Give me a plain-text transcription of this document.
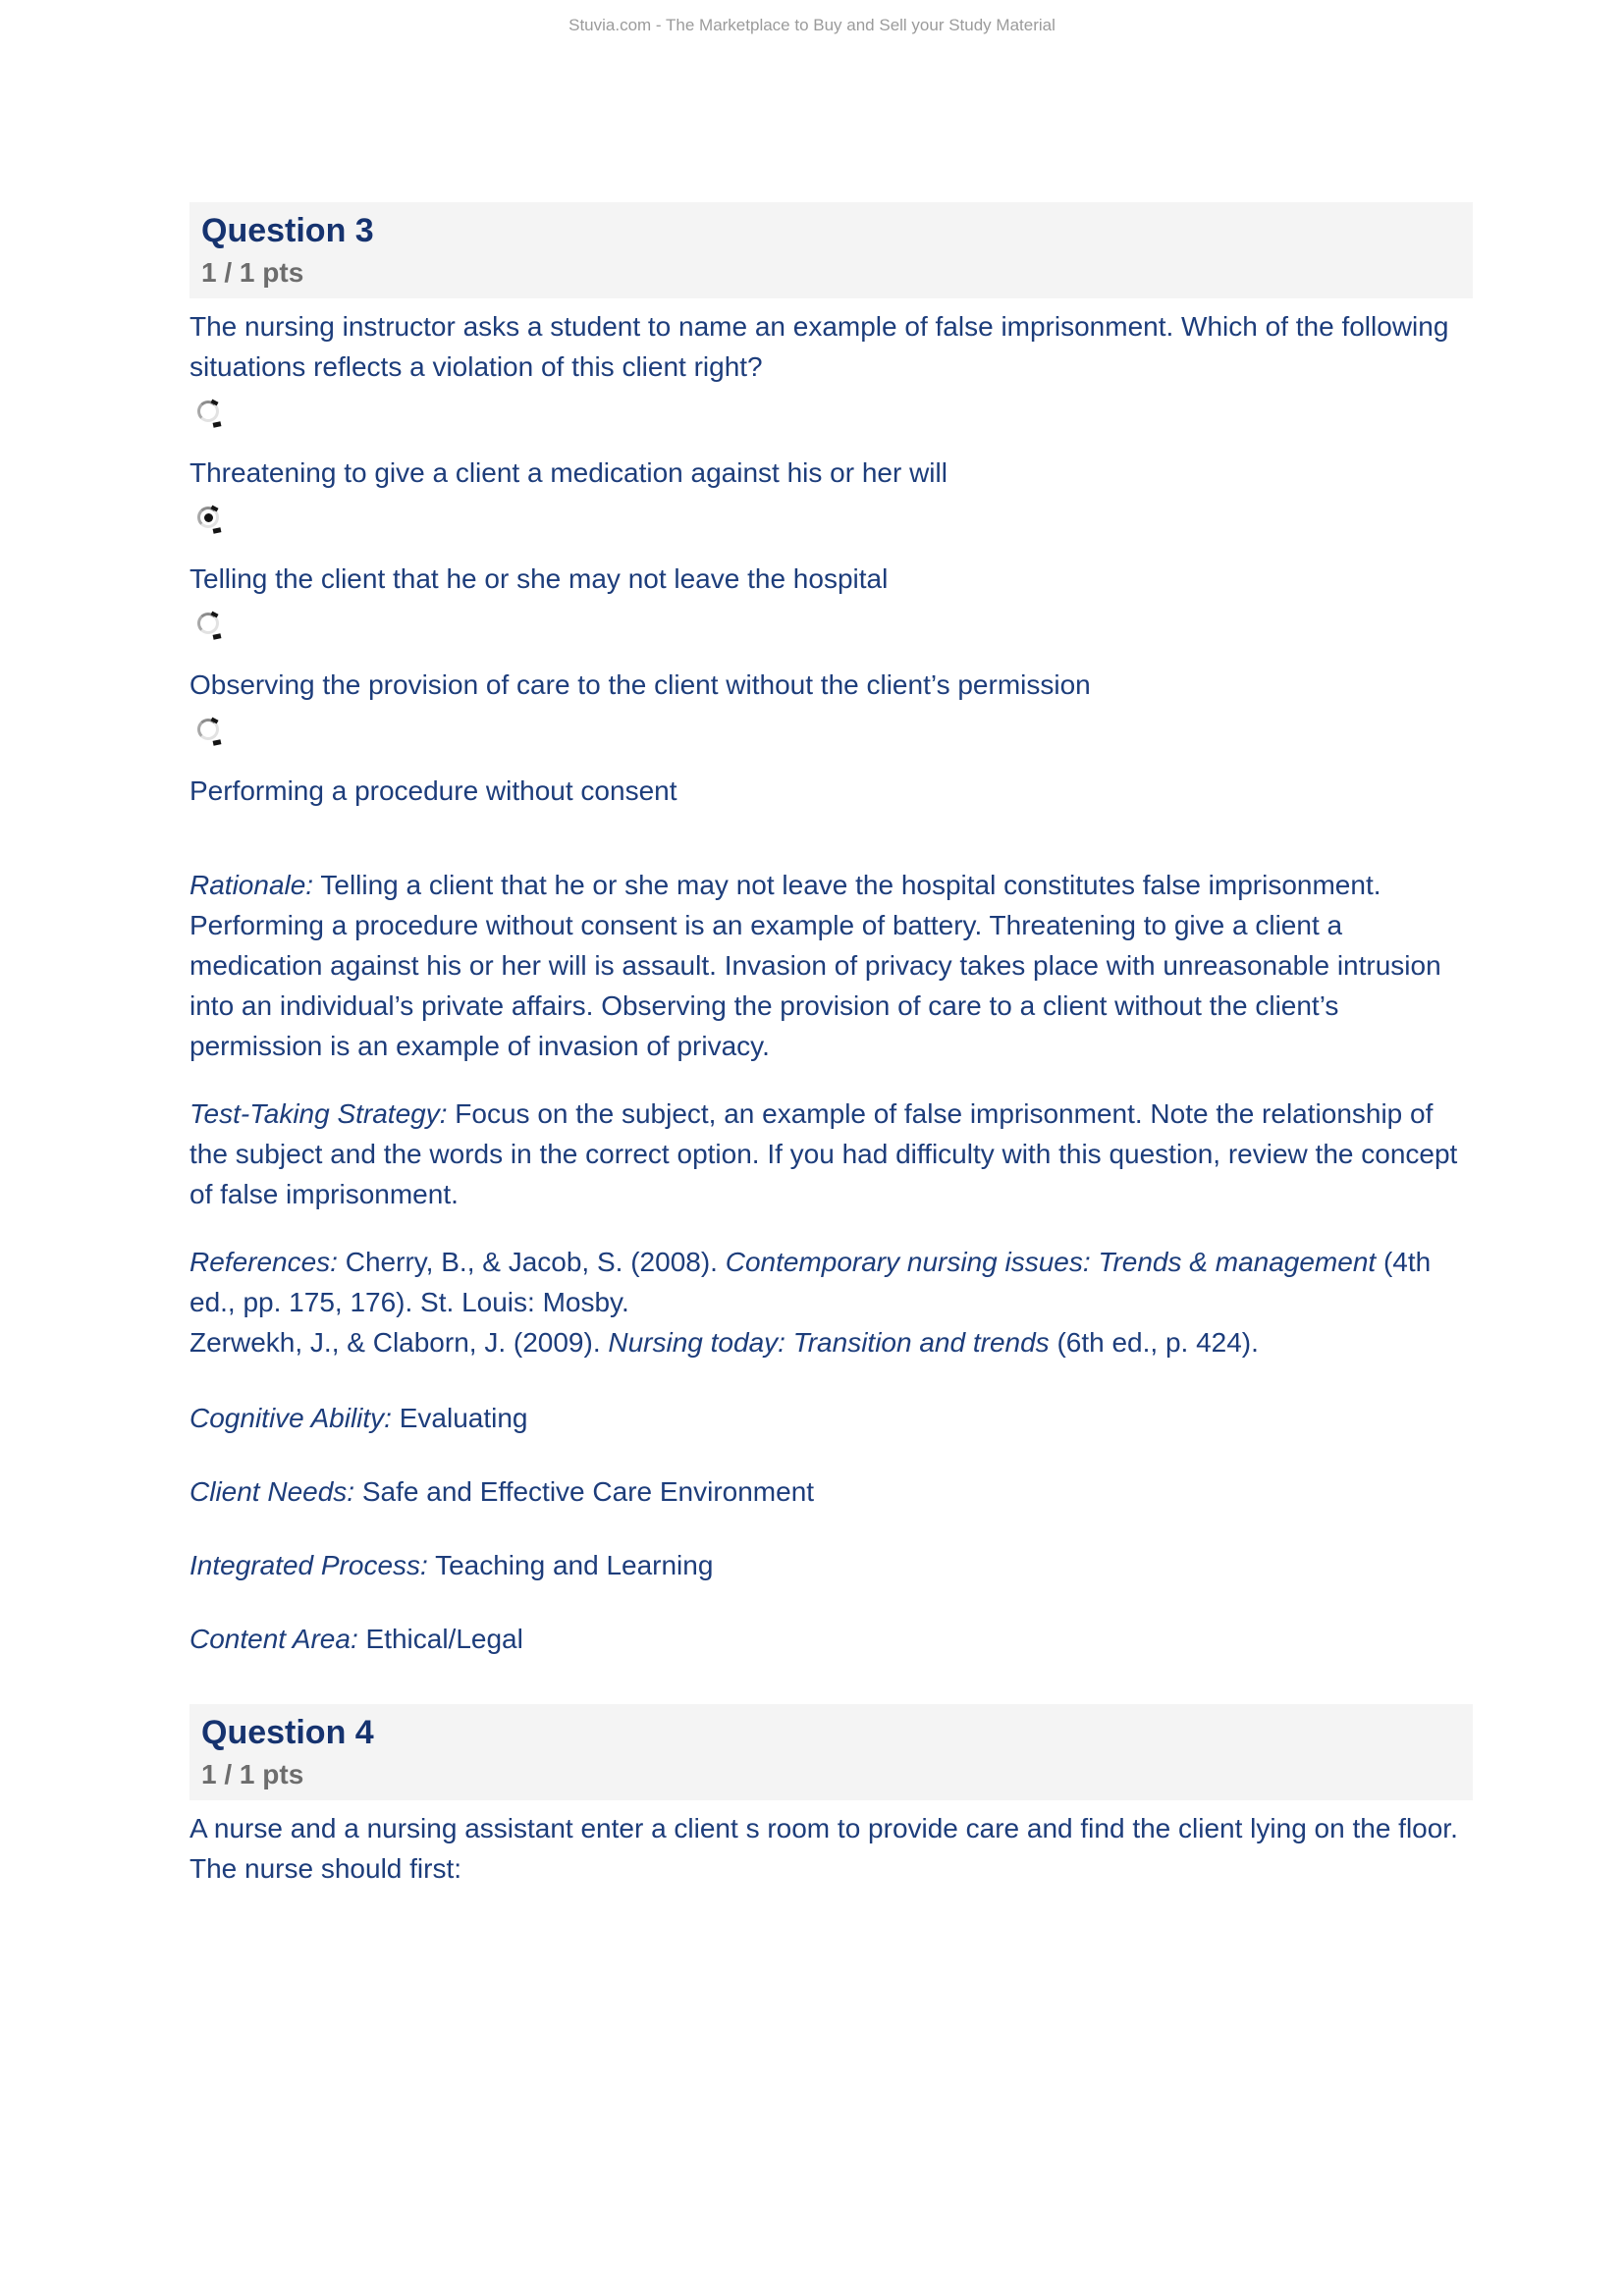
Stuvia.com - The Marketplace to Buy and Sell your Study Material
Question 3
1 / 1 pts

The nursing instructor asks a student to name an example of false imprisonment. Which of the following situations reflects a violation of this client right?

Threatening to give a client a medication against his or her will
Telling the client that he or she may not leave the hospital
Observing the provision of care to the client without the client’s permission
Performing a procedure without consent

Rationale: Telling a client that he or she may not leave the hospital constitutes false imprisonment. Performing a procedure without consent is an example of battery. Threatening to give a client a medication against his or her will is assault. Invasion of privacy takes place with unreasonable intrusion into an individual’s private affairs. Observing the provision of care to a client without the client’s permission is an example of invasion of privacy.

Test-Taking Strategy: Focus on the subject, an example of false imprisonment. Note the relationship of the subject and the words in the correct option. If you had difficulty with this question, review the concept of false imprisonment.

References: Cherry, B., & Jacob, S. (2008). Contemporary nursing issues: Trends & management (4th ed., pp. 175, 176). St. Louis: Mosby.
Zerwekh, J., & Claborn, J. (2009). Nursing today: Transition and trends (6th ed., p. 424).

Cognitive Ability: Evaluating

Client Needs: Safe and Effective Care Environment

Integrated Process: Teaching and Learning

Content Area: Ethical/Legal

Question 4
1 / 1 pts

A nurse and a nursing assistant enter a client s room to provide care and find the client lying on the floor. The nurse should first:
